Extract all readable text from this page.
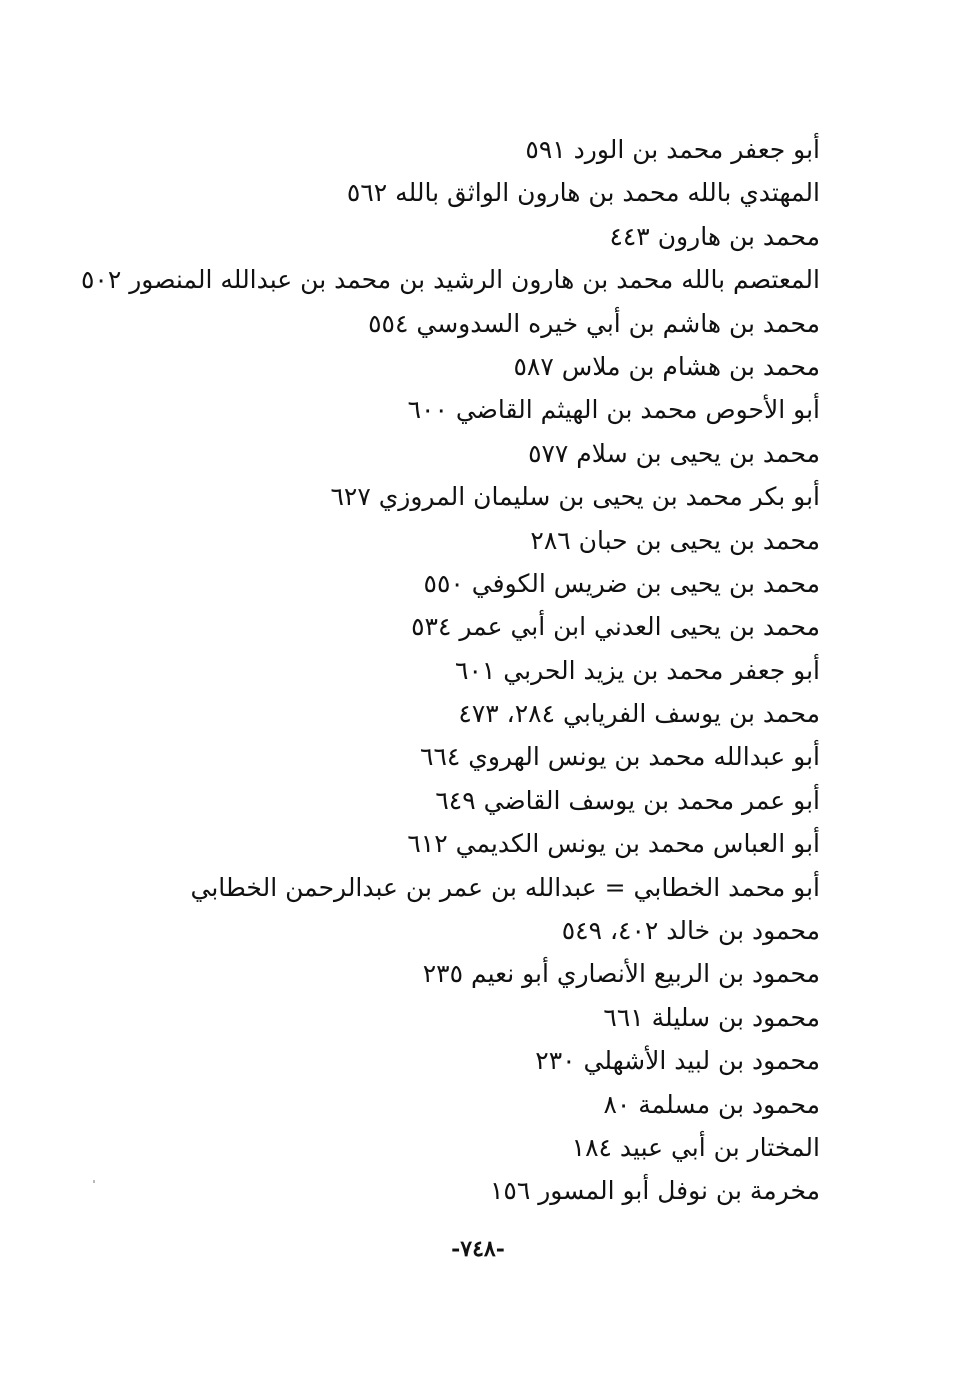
أبو جعفر محمد بن الورد ٥٩١
المهتدي بالله محمد بن هارون الواثق بالله ٥٦٢
محمد بن هارون ٤٤٣
المعتصم بالله محمد بن هارون الرشيد بن محمد بن عبدالله المنصور ٥٠٢
محمد بن هاشم بن أبي خيره السدوسي ٥٥٤
محمد بن هشام بن ملاس ٥٨٧
أبو الأحوص محمد بن الهيثم القاضي ٦٠٠
محمد بن يحيى بن سلام ٥٧٧
أبو بكر محمد بن يحيى بن سليمان المروزي ٦٢٧
محمد بن يحيى بن حبان ٢٨٦
محمد بن يحيى بن ضريس الكوفي ٥٥٠
محمد بن يحيى العدني ابن أبي عمر ٥٣٤
أبو جعفر محمد بن يزيد الحربي ٦٠١
محمد بن يوسف الفريابي ٢٨٤، ٤٧٣
أبو عبدالله محمد بن يونس الهروي ٦٦٤
أبو عمر محمد بن يوسف القاضي ٦٤٩
أبو العباس محمد بن يونس الكديمي ٦١٢
أبو محمد الخطابي = عبدالله بن عمر بن عبدالرحمن الخطابي
محمود بن خالد ٤٠٢، ٥٤٩
محمود بن الربيع الأنصاري أبو نعيم ٢٣٥
محمود بن سليلة ٦٦١
محمود بن لبيد الأشهلي ٢٣٠
محمود بن مسلمة ٨٠
المختار بن أبي عبيد ١٨٤
مخرمة بن نوفل أبو المسور ١٥٦
-٧٤٨-
